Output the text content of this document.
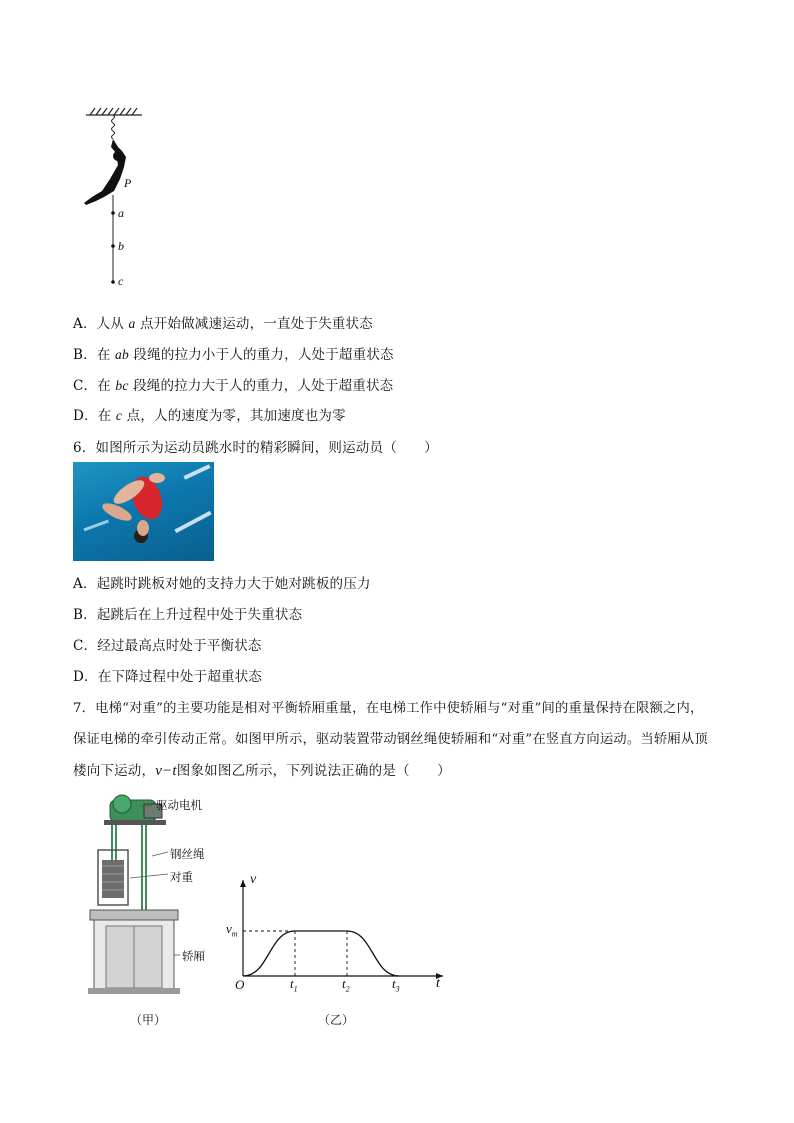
P
a
b
c
A．人从 a 点开始做减速运动，一直处于失重状态
B．在 ab 段绳的拉力小于人的重力，人处于超重状态
C．在 bc 段绳的拉力大于人的重力，人处于超重状态
D．在 c 点，人的速度为零，其加速度也为零
6．如图所示为运动员跳水时的精彩瞬间，则运动员（　　）
A．起跳时跳板对她的支持力大于她对跳板的压力
B．起跳后在上升过程中处于失重状态
C．经过最高点时处于平衡状态
D．在下降过程中处于超重状态
7．电梯“对重”的主要功能是相对平衡轿厢重量，在电梯工作中使轿厢与“对重”间的重量保持在限额之内，
保证电梯的牵引传动正常。如图甲所示，驱动装置带动钢丝绳使轿厢和“对重”在竖直方向运动。当轿厢从顶
楼向下运动，v−t图象如图乙所示，下列说法正确的是（　　）
驱动电机
钢丝绳
对重
轿厢
（甲）
v
t
O
$v_m$
$t_1$	$t_2$	$t_3$
（乙）
